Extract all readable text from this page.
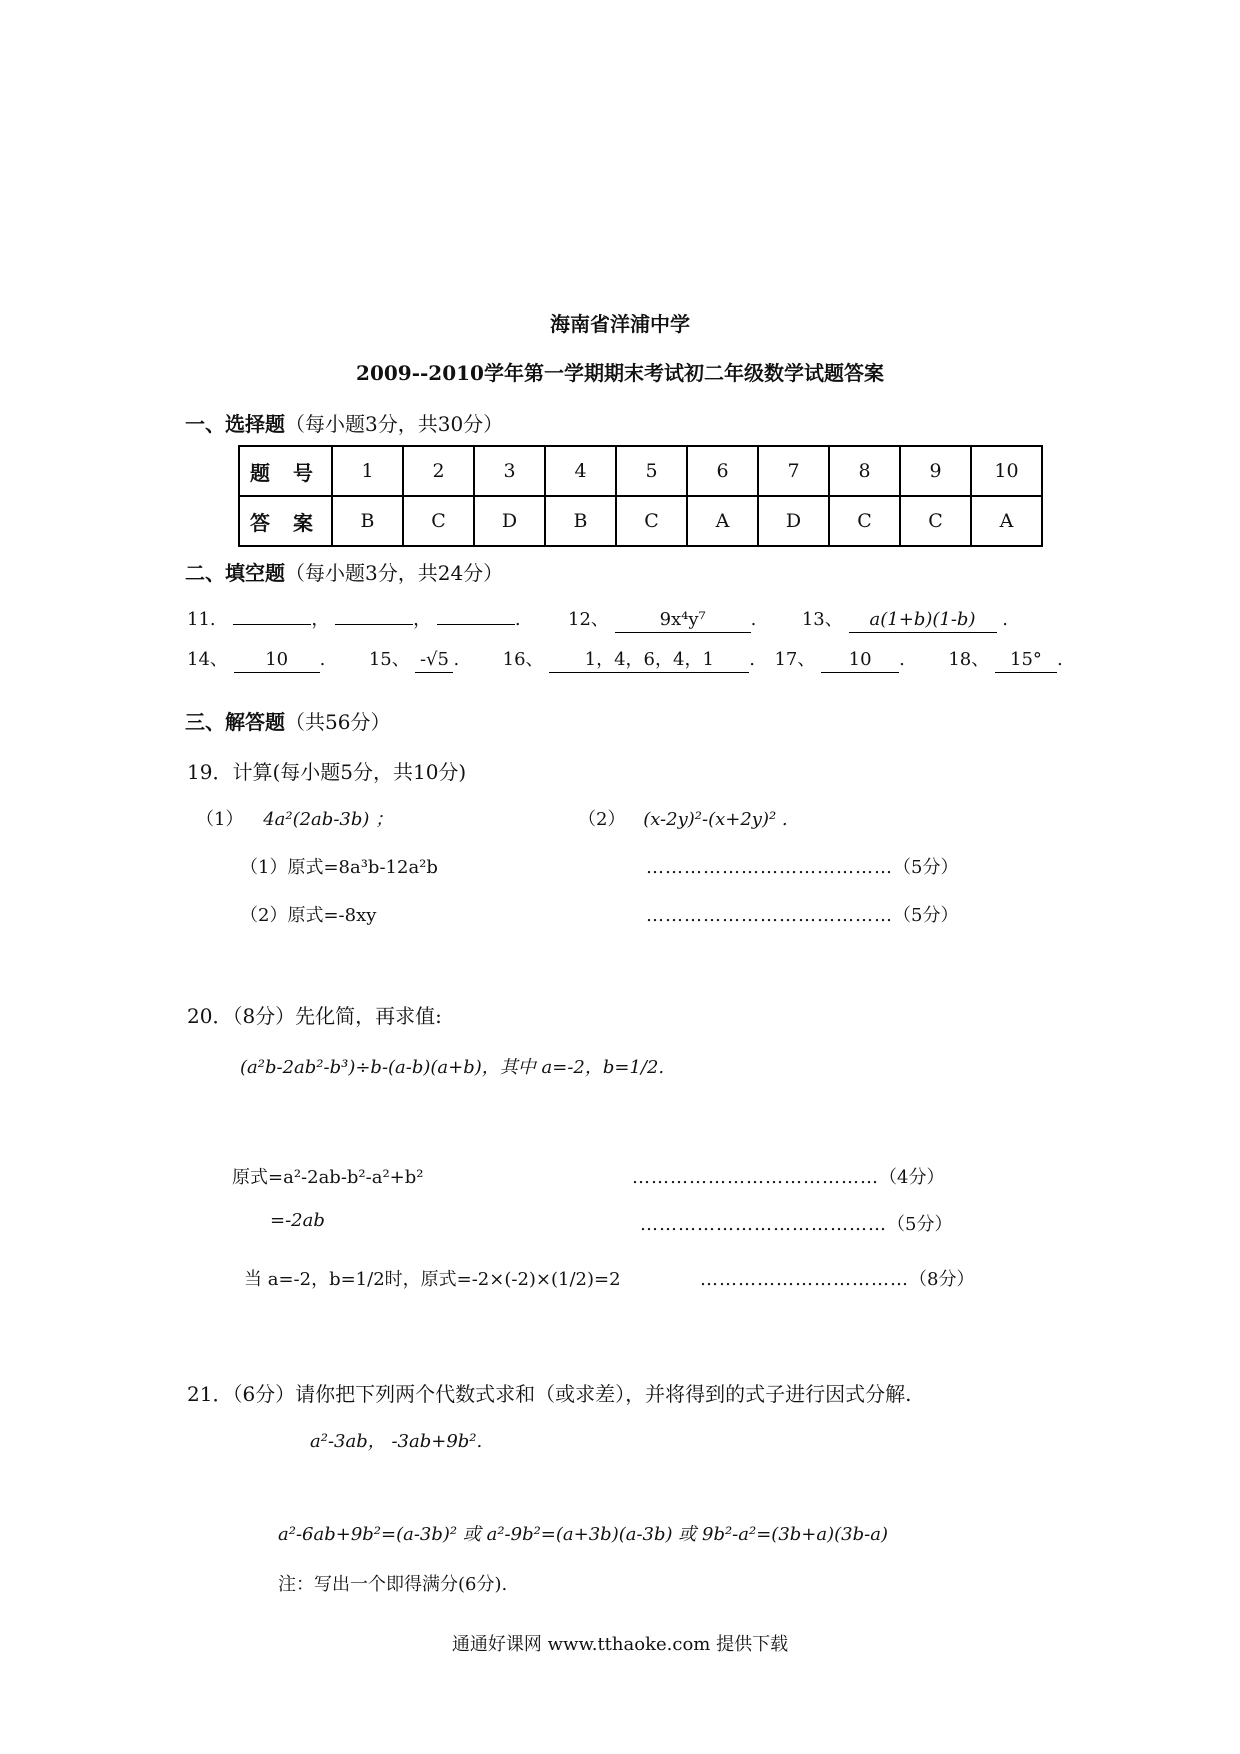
海南省洋浦中学
2009--2010学年第一学期期末考试初二年级数学试题答案
一、选择题（每小题3分，共30分）
题 号	1	2	3	4	5	6	7	8	9	10
答 案	B	C	D	B	C	A	D	C	C	A
二、填空题（每小题3分，共24分）
11.	，	，	.  12、	9x⁴y⁷ .  13、 a(1+b)(1-b) .
14、 10 .  15、 -√5 .  16、 1，4，6，4，1 .  17、 10 .  18、 15° .
三、解答题（共56分）
19．计算(每小题5分，共10分)
（1） 4a²(2ab-3b) ；	（2） (x-2y)²-(x+2y)² .
（1）原式=8a³b-12a²b	…………………………………（5分）
（2）原式=-8xy	…………………………………（5分）
20．（8分）先化简，再求值:
(a²b-2ab²-b³)÷b-(a-b)(a+b)，其中 a=-2，b=1/2.
原式=a²-2ab-b²-a²+b²	…………………………………（4分）
=-2ab	…………………………………（5分）
当 a=-2，b=1/2时，原式=-2×(-2)×(1/2)=2	……………………………（8分）
21．（6分）请你把下列两个代数式求和（或求差），并将得到的式子进行因式分解.
a²-3ab， -3ab+9b².
a²-6ab+9b²=(a-3b)² 或 a²-9b²=(a+3b)(a-3b) 或 9b²-a²=(3b+a)(3b-a)
注：写出一个即得满分(6分).
通通好课网 www.tthaoke.com 提供下载
